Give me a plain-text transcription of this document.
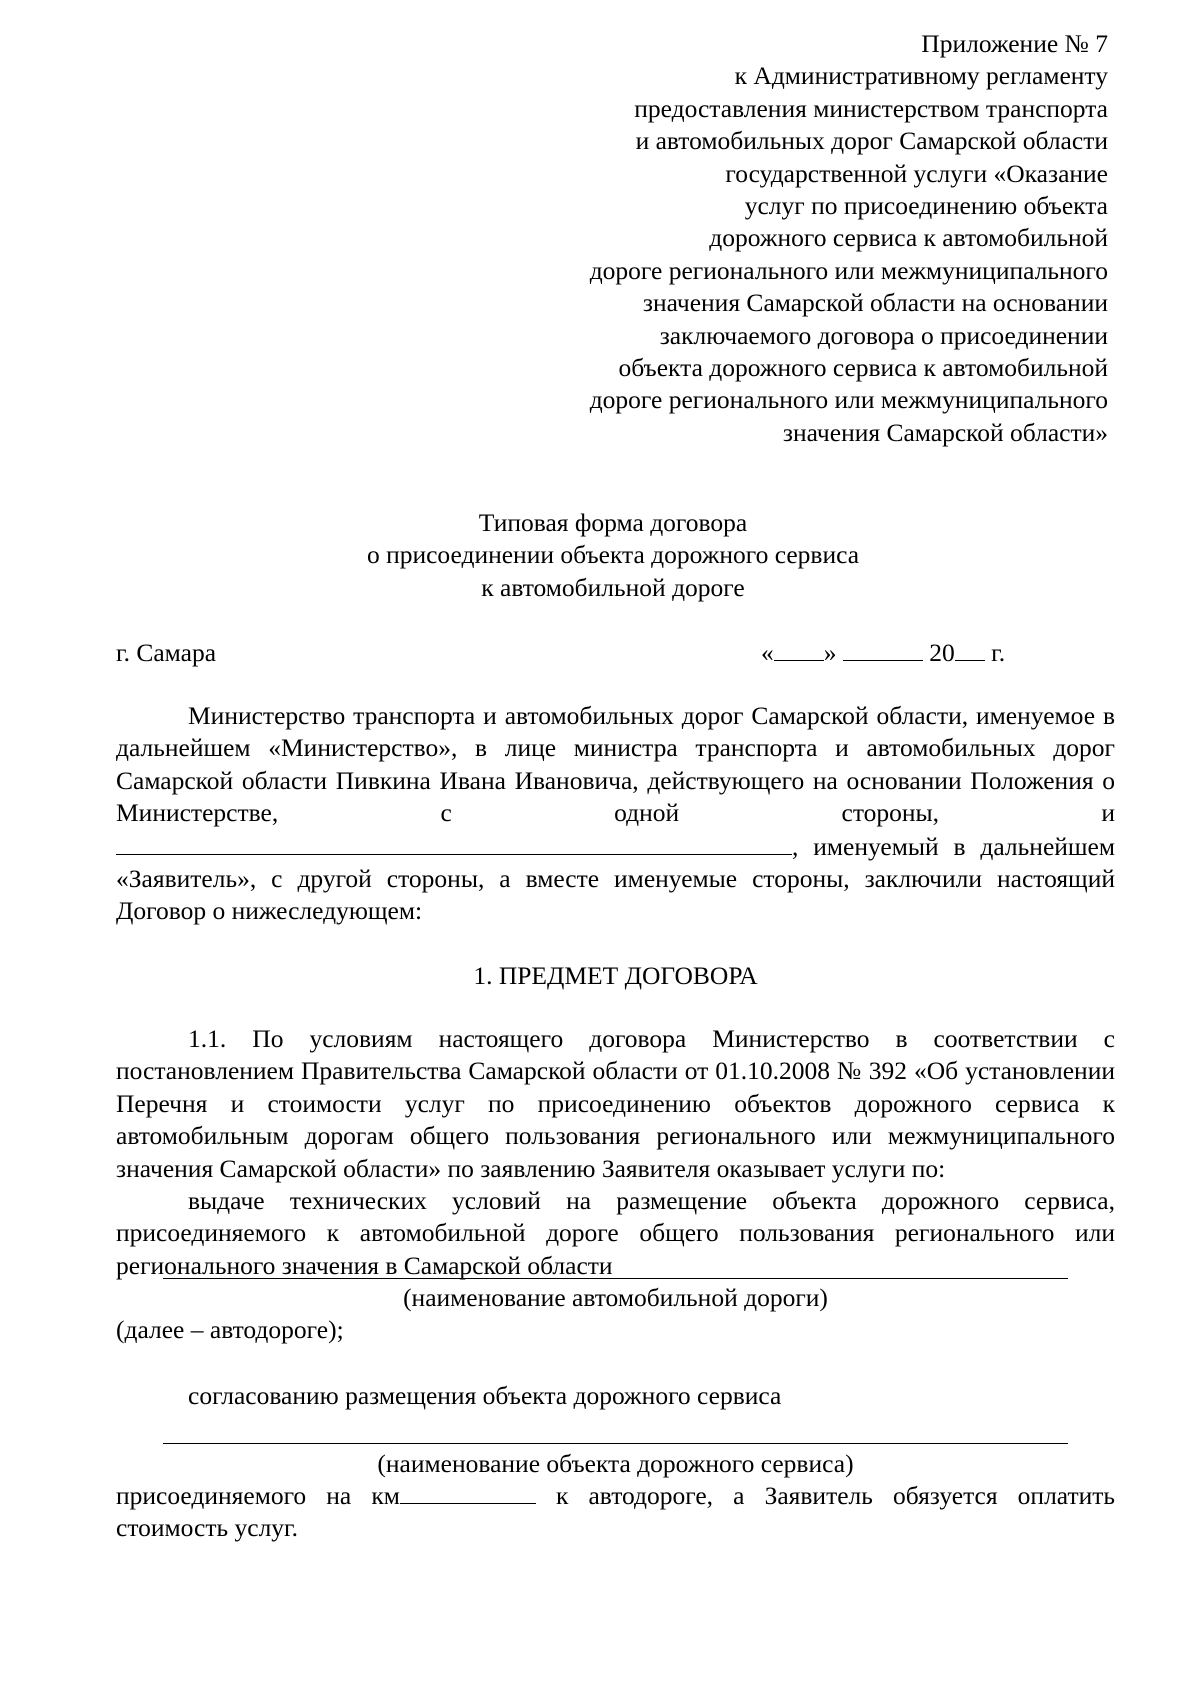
Приложение № 7
к Административному регламенту
предоставления министерством транспорта
и автомобильных дорог Самарской области
государственной услуги «Оказание
услуг по присоединению объекта
дорожного сервиса к автомобильной
дороге регионального или межмуниципального
значения Самарской области на основании
заключаемого договора о присоединении
объекта дорожного сервиса к автомобильной
дороге регионального или межмуниципального
значения Самарской области»
Типовая форма договора
о присоединении объекта дорожного сервиса
к автомобильной дороге
г. Самара	« »	20 г.

Министерство транспорта и автомобильных дорог Самарской области, именуемое в дальнейшем «Министерство», в лице министра транспорта и автомобильных дорог Самарской области Пивкина Ивана Ивановича, действующего на основании Положения о Министерстве, с одной стороны, и , именуемый в дальнейшем «Заявитель», с другой стороны, а вместе именуемые стороны, заключили настоящий Договор о нижеследующем:

1. ПРЕДМЕТ ДОГОВОРА

1.1. По условиям настоящего договора Министерство в соответствии с постановлением Правительства Самарской области от 01.10.2008 № 392 «Об установлении Перечня и стоимости услуг по присоединению объектов дорожного сервиса к автомобильным дорогам общего пользования регионального или межмуниципального значения Самарской области» по заявлению Заявителя оказывает услуги по:

выдаче технических условий на размещение объекта дорожного сервиса, присоединяемого к автомобильной дороге общего пользования регионального или регионального значения в Самарской области

(наименование автомобильной дороги)
(далее – автодороге);
согласованию размещения объекта дорожного сервиса
(наименование объекта дорожного сервиса)
присоединяемого на км	к автодороге, а Заявитель обязуется оплатить
стоимость услуг.
